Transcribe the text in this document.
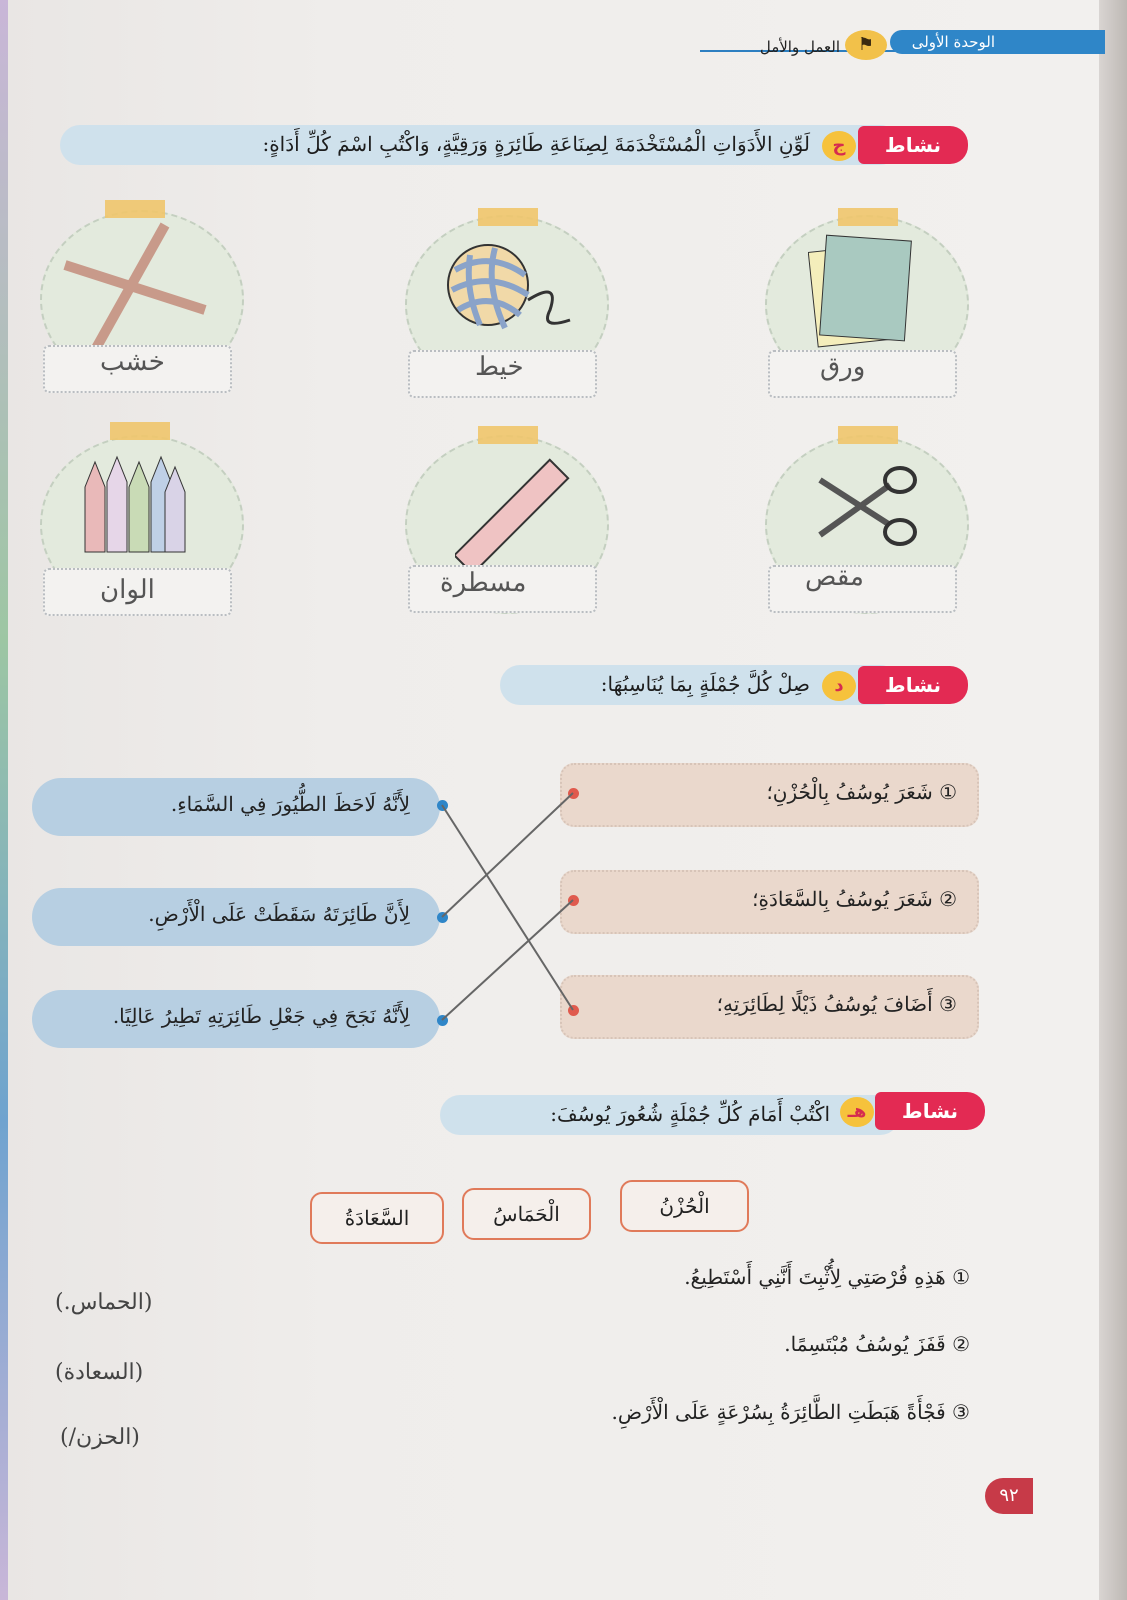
الوحدة الأولى
⚑
العمل والأمل
نشاط
ج
لَوِّنِ الأَدَوَاتِ الْمُسْتَخْدَمَةَ لِصِنَاعَةِ طَائِرَةٍ وَرَقِيَّةٍ، وَاكْتُبِ اسْمَ كُلِّ أَدَاةٍ:
ورق
خيط
خشب
مقص
مسطرة
الوان
نشاط
د
صِلْ كُلَّ جُمْلَةٍ بِمَا يُنَاسِبُهَا:
① شَعَرَ يُوسُفُ بِالْحُزْنِ؛
② شَعَرَ يُوسُفُ بِالسَّعَادَةِ؛
③ أَضَافَ يُوسُفُ ذَيْلًا لِطَائِرَتِهِ؛
لِأَنَّهُ لَاحَظَ الطُّيُورَ فِي السَّمَاءِ.
لِأَنَّ طَائِرَتَهُ سَقَطَتْ عَلَى الْأَرْضِ.
لِأَنَّهُ نَجَحَ فِي جَعْلِ طَائِرَتِهِ تَطِيرُ عَالِيًا.
نشاط
هـ
اكْتُبْ أَمَامَ كُلِّ جُمْلَةٍ شُعُورَ يُوسُفَ:
الْحُزْنُ
الْحَمَاسُ
السَّعَادَةُ
① هَذِهِ فُرْصَتِي لِأُثْبِتَ أَنَّنِي أَسْتَطِيعُ.
② قَفَزَ يُوسُفُ مُبْتَسِمًا.
③ فَجْأَةً هَبَطَتِ الطَّائِرَةُ بِسُرْعَةٍ عَلَى الْأَرْضِ.
(الحماس.)
(السعادة)
(الحزن/)
٩٢
